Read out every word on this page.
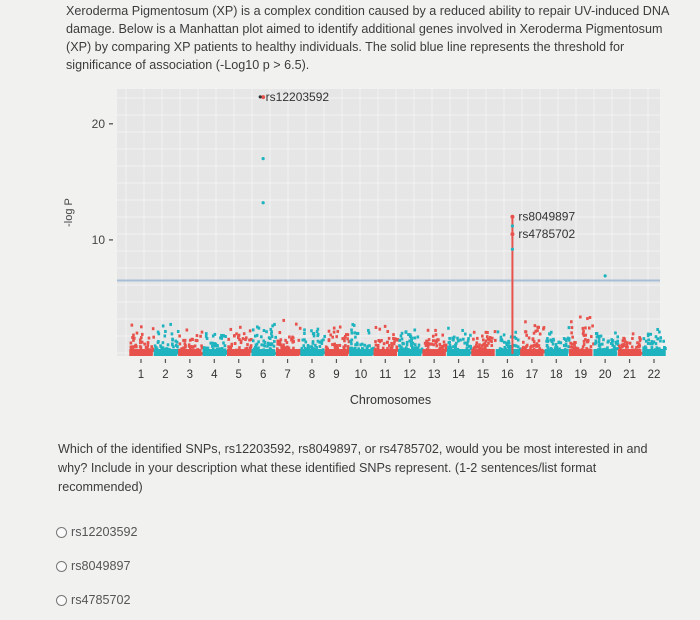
Xeroderma Pigmentosum (XP) is a complex condition caused by a reduced ability to repair UV-induced DNA damage. Below is a Manhattan plot aimed to identify additional genes involved in Xeroderma Pigmentosum (XP) by comparing XP patients to healthy individuals. The solid blue line represents the threshold for significance of association (-Log10 p > 6.5).
• rs12203592
rs8049897
rs4785702
10
20
-log P
1 2 3 4 5 6 7 8 9 10 11 12 13 14 15 16 17 18 19 20 21 22
Chromosomes
Which of the identified SNPs, rs12203592, rs8049897, or rs4785702, would you be most interested in and why? Include in your description what these identified SNPs represent. (1-2 sentences/list format recommended)
rs12203592
rs8049897
rs4785702
